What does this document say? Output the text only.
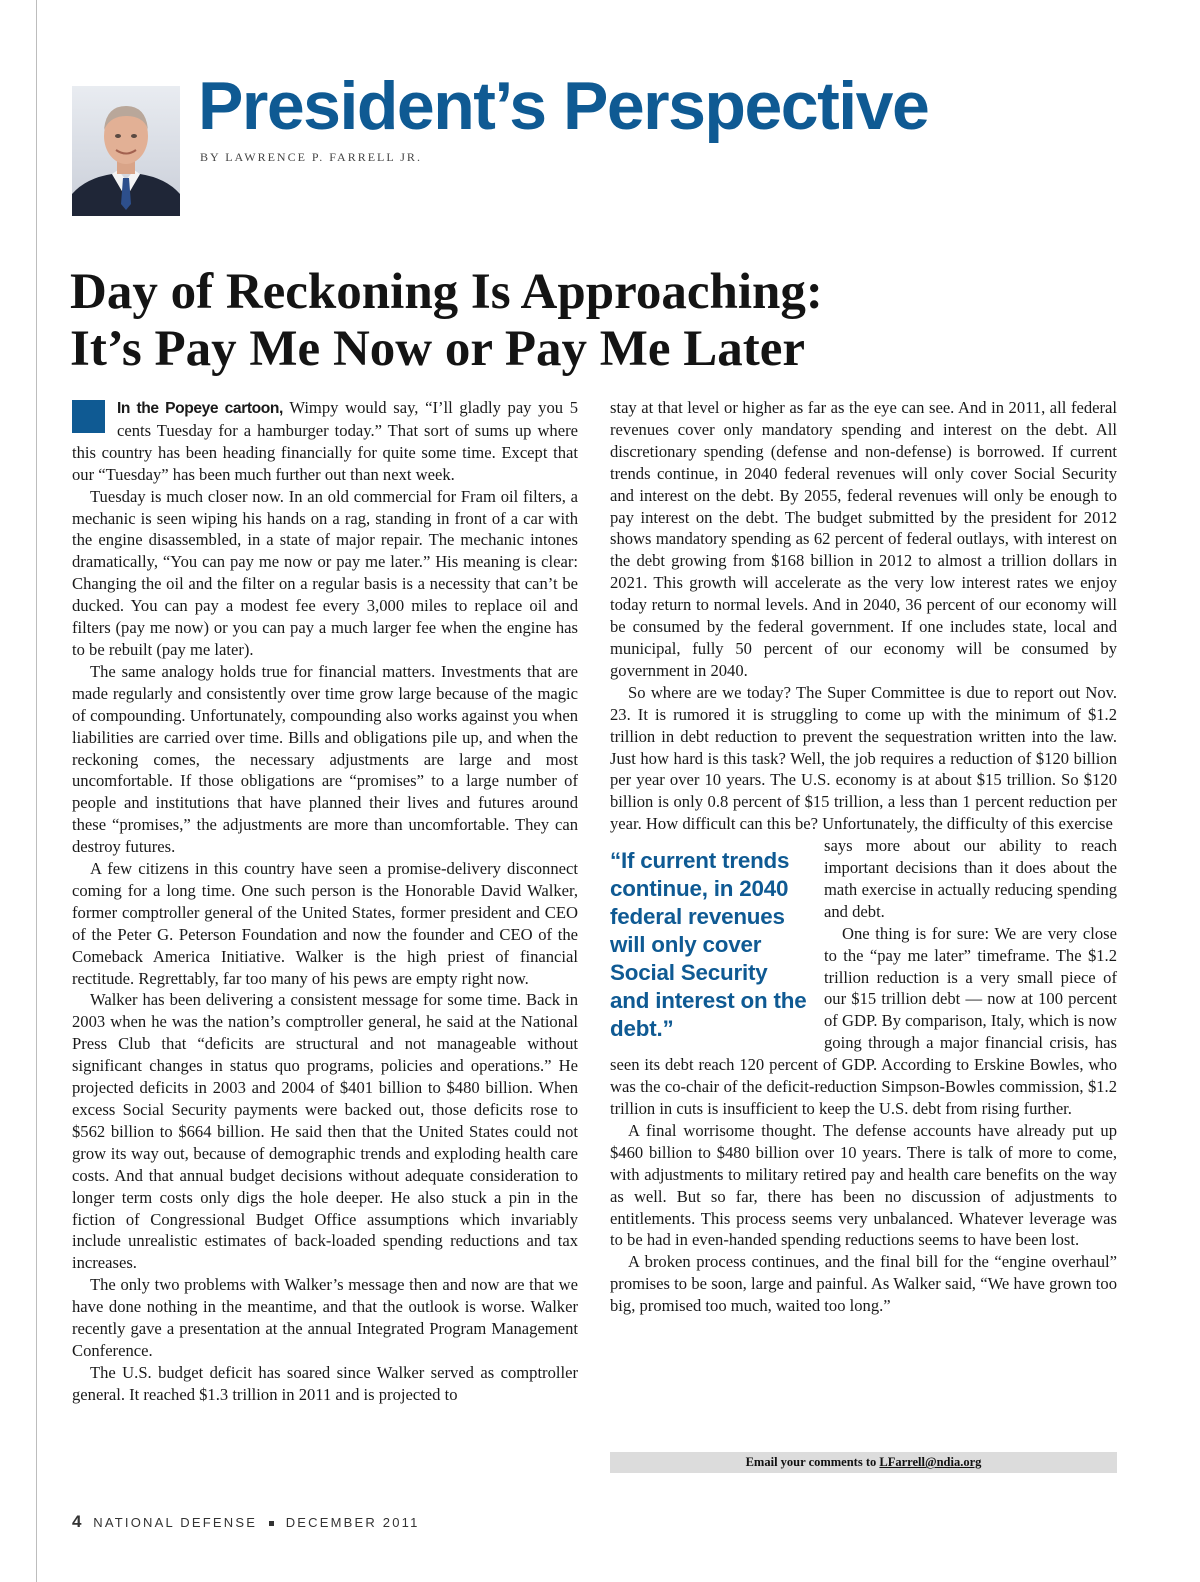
President’s Perspective
BY LAWRENCE P. FARRELL JR.
Day of Reckoning Is Approaching:
It’s Pay Me Now or Pay Me Later

In the Popeye cartoon, Wimpy would say, “I’ll gladly pay you 5 cents Tuesday for a hamburger today.” That sort of sums up where this country has been heading financially for quite some time. Except that our “Tuesday” has been much further out than next week.

Tuesday is much closer now. In an old commercial for Fram oil filters, a mechanic is seen wiping his hands on a rag, standing in front of a car with the engine disassembled, in a state of major repair. The mechanic intones dramatically, “You can pay me now or pay me later.” His meaning is clear: Changing the oil and the filter on a regular basis is a necessity that can’t be ducked. You can pay a modest fee every 3,000 miles to replace oil and filters (pay me now) or you can pay a much larger fee when the engine has to be rebuilt (pay me later).

The same analogy holds true for financial matters. Investments that are made regularly and consistently over time grow large because of the magic of compounding. Unfortunately, compounding also works against you when liabilities are carried over time. Bills and obligations pile up, and when the reckoning comes, the necessary adjustments are large and most uncomfortable. If those obligations are “promises” to a large number of people and institutions that have planned their lives and futures around these “promises,” the adjustments are more than uncomfortable. They can destroy futures.

A few citizens in this country have seen a promise-delivery disconnect coming for a long time. One such person is the Honorable David Walker, former comptroller general of the United States, former president and CEO of the Peter G. Peterson Foundation and now the founder and CEO of the Comeback America Initiative. Walker is the high priest of financial rectitude. Regrettably, far too many of his pews are empty right now.

Walker has been delivering a consistent message for some time. Back in 2003 when he was the nation’s comptroller general, he said at the National Press Club that “deficits are structural and not manageable without significant changes in status quo programs, policies and operations.” He projected deficits in 2003 and 2004 of $401 billion to $480 billion. When excess Social Security payments were backed out, those deficits rose to $562 billion to $664 billion. He said then that the United States could not grow its way out, because of demographic trends and exploding health care costs. And that annual budget decisions without adequate consideration to longer term costs only digs the hole deeper. He also stuck a pin in the fiction of Congressional Budget Office assumptions which invariably include unrealistic estimates of back-loaded spending reductions and tax increases.

The only two problems with Walker’s message then and now are that we have done nothing in the meantime, and that the outlook is worse. Walker recently gave a presentation at the annual Integrated Program Management Conference.

The U.S. budget deficit has soared since Walker served as comptroller general. It reached $1.3 trillion in 2011 and is projected to

stay at that level or higher as far as the eye can see. And in 2011, all federal revenues cover only mandatory spending and interest on the debt. All discretionary spending (defense and non-defense) is borrowed. If current trends continue, in 2040 federal revenues will only cover Social Security and interest on the debt. By 2055, federal revenues will only be enough to pay interest on the debt. The budget submitted by the president for 2012 shows mandatory spending as 62 percent of federal outlays, with interest on the debt growing from $168 billion in 2012 to almost a trillion dollars in 2021. This growth will accelerate as the very low interest rates we enjoy today return to normal levels. And in 2040, 36 percent of our economy will be consumed by the federal government. If one includes state, local and municipal, fully 50 percent of our economy will be consumed by government in 2040.

So where are we today? The Super Committee is due to report out Nov. 23. It is rumored it is struggling to come up with the minimum of $1.2 trillion in debt reduction to prevent the sequestration written into the law. Just how hard is this task? Well, the job requires a reduction of $120 billion per year over 10 years. The U.S. economy is at about $15 trillion. So $120 billion is only 0.8 percent of $15 trillion, a less than 1 percent reduction per year. How difficult can this be? Unfortunately, the difficulty of this exercise

“If current trends continue, in 2040 federal revenues will only cover Social Security and interest on the debt.”

says more about our ability to reach important decisions than it does about the math exercise in actually reducing spending and debt.

One thing is for sure: We are very close to the “pay me later” timeframe. The $1.2 trillion reduction is a very small piece of our $15 trillion debt — now at 100 percent of GDP. By comparison, Italy, which is now going through a major financial crisis, has seen its debt reach 120 percent of GDP. According to Erskine Bowles, who was the co-chair of the deficit-reduction Simpson-Bowles commission, $1.2 trillion in cuts is insufficient to keep the U.S. debt from rising further.

A final worrisome thought. The defense accounts have already put up $460 billion to $480 billion over 10 years. There is talk of more to come, with adjustments to military retired pay and health care benefits on the way as well. But so far, there has been no discussion of adjustments to entitlements. This process seems very unbalanced. Whatever leverage was to be had in even-handed spending reductions seems to have been lost.

A broken process continues, and the final bill for the “engine overhaul” promises to be soon, large and painful. As Walker said, “We have grown too big, promised too much, waited too long.”

Email your comments to LFarrell@ndia.org
4 NATIONAL DEFENSE DECEMBER 2011
